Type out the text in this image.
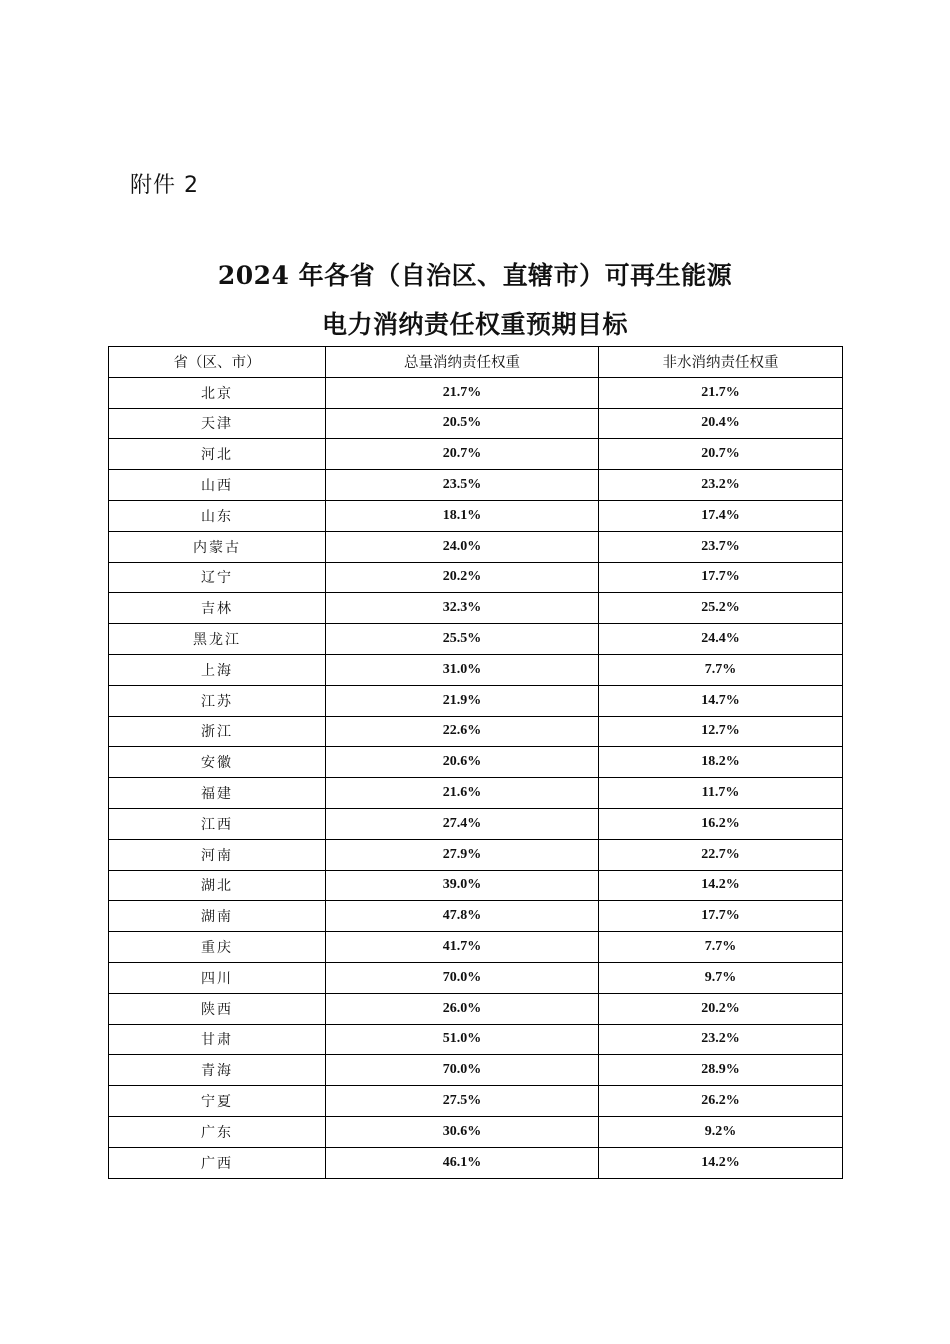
附件 2
2024 年各省（自治区、直辖市）可再生能源
电力消纳责任权重预期目标
省（区、市）	总量消纳责任权重	非水消纳责任权重
北京	21.7%	21.7%
天津	20.5%	20.4%
河北	20.7%	20.7%
山西	23.5%	23.2%
山东	18.1%	17.4%
内蒙古	24.0%	23.7%
辽宁	20.2%	17.7%
吉林	32.3%	25.2%
黑龙江	25.5%	24.4%
上海	31.0%	7.7%
江苏	21.9%	14.7%
浙江	22.6%	12.7%
安徽	20.6%	18.2%
福建	21.6%	11.7%
江西	27.4%	16.2%
河南	27.9%	22.7%
湖北	39.0%	14.2%
湖南	47.8%	17.7%
重庆	41.7%	7.7%
四川	70.0%	9.7%
陕西	26.0%	20.2%
甘肃	51.0%	23.2%
青海	70.0%	28.9%
宁夏	27.5%	26.2%
广东	30.6%	9.2%
广西	46.1%	14.2%
